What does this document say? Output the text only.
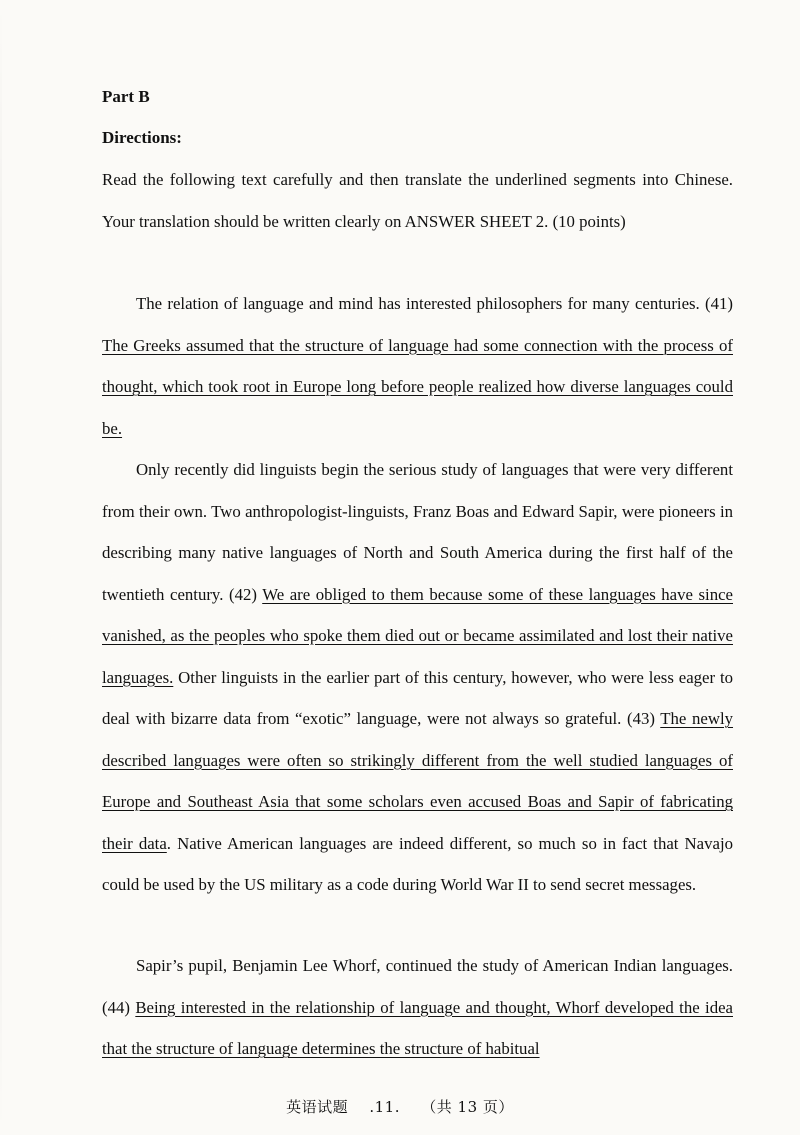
Part B
Directions:

Read the following text carefully and then translate the underlined segments into Chinese. Your translation should be written clearly on ANSWER SHEET 2. (10 points)

The relation of language and mind has interested philosophers for many centuries. (41) The Greeks assumed that the structure of language had some connection with the process of thought, which took root in Europe long before people realized how diverse languages could be.

Only recently did linguists begin the serious study of languages that were very different from their own. Two anthropologist-linguists, Franz Boas and Edward Sapir, were pioneers in describing many native languages of North and South America during the first half of the twentieth century. (42) We are obliged to them because some of these languages have since vanished, as the peoples who spoke them died out or became assimilated and lost their native languages. Other linguists in the earlier part of this century, however, who were less eager to deal with bizarre data from “exotic” language, were not always so grateful. (43) The newly described languages were often so strikingly different from the well studied languages of Europe and Southeast Asia that some scholars even accused Boas and Sapir of fabricating their data. Native American languages are indeed different, so much so in fact that Navajo could be used by the US military as a code during World War II to send secret messages.

Sapir’s pupil, Benjamin Lee Whorf, continued the study of American Indian languages. (44) Being interested in the relationship of language and thought, Whorf developed the idea that the structure of language determines the structure of habitual

英语试题 .11. （共 13 页）
